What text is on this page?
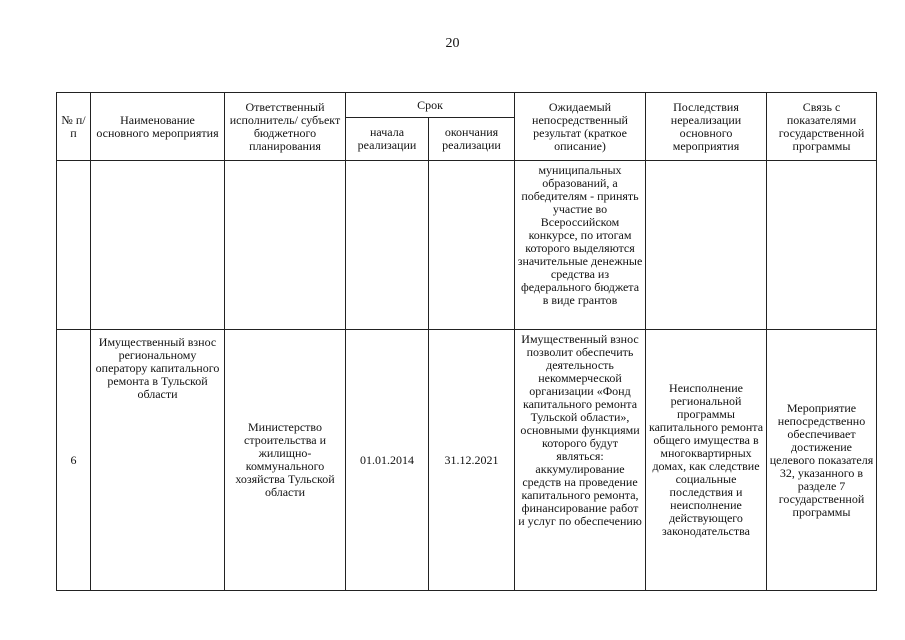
20
№ п/п	Наименование основного мероприятия	Ответственный исполнитель/ субъект бюджетного планирования	Срок		Ожидаемый непосредственный результат (краткое описание)	Последствия нереализации основного мероприятия	Связь с показателями государственной программы
			начала реализации	окончания реализации			
					муниципальных образований, а победителям - принять участие во Всероссийском конкурсе, по итогам которого выделяются значительные денежные средства из федерального бюджета в виде грантов		
6	Имущественный взнос региональному оператору капитального ремонта в Тульской области	Министерство строительства и жилищно-коммунального хозяйства Тульской области	01.01.2014	31.12.2021	Имущественный взнос позволит обеспечить деятельность некоммерческой организации «Фонд капитального ремонта Тульской области», основными функциями которого будут являться: аккумулирование средств на проведение капитального ремонта, финансирование работ и услуг по обеспечению	Неисполнение региональной программы капитального ремонта общего имущества в многоквартирных домах, как следствие социальные последствия и неисполнение действующего законодательства	Мероприятие непосредственно обеспечивает достижение целевого показателя 32, указанного в разделе 7 государственной программы
